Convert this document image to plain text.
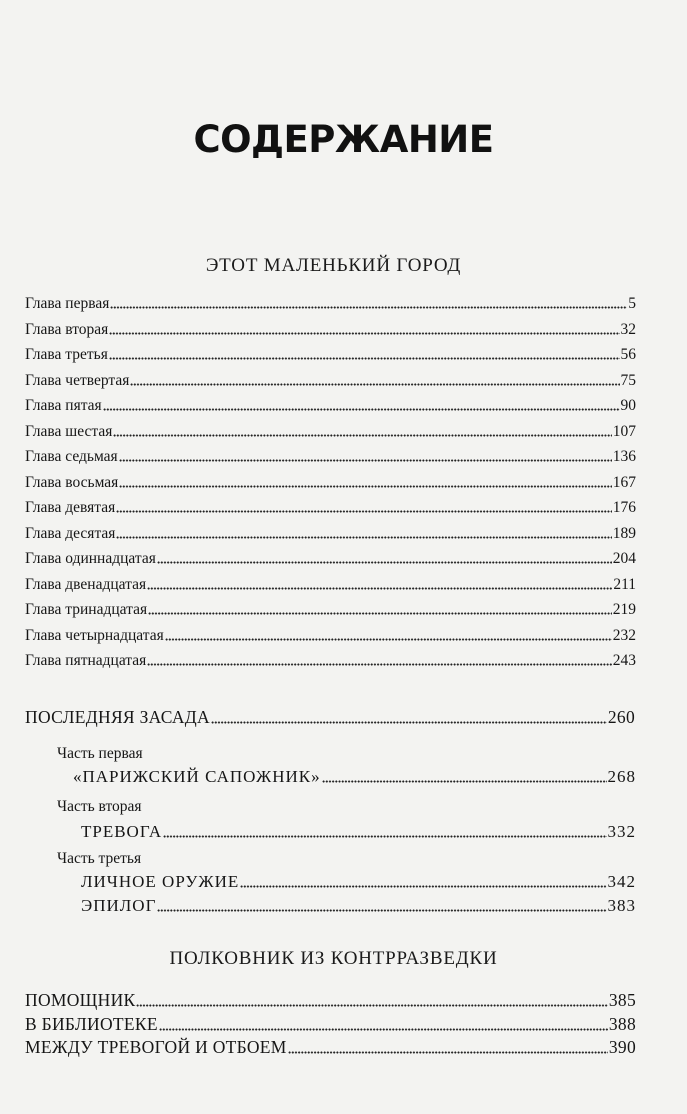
СОДЕРЖАНИЕ
ЭТОТ МАЛЕНЬКИЙ ГОРОД
Глава первая	5
Глава вторая	32
Глава третья	56
Глава четвертая	75
Глава пятая	90
Глава шестая	107
Глава седьмая	136
Глава восьмая	167
Глава девятая	176
Глава десятая	189
Глава одиннадцатая	204
Глава двенадцатая	211
Глава тринадцатая	219
Глава четырнадцатая	232
Глава пятнадцатая	243
ПОСЛЕДНЯЯ ЗАСАДА	260
Часть первая
«ПАРИЖСКИЙ САПОЖНИК»	268
Часть вторая
ТРЕВОГА	332
Часть третья
ЛИЧНОЕ ОРУЖИЕ	342
ЭПИЛОГ	383
ПОЛКОВНИК ИЗ КОНТРРАЗВЕДКИ
ПОМОЩНИК	385
В БИБЛИОТЕКЕ	388
МЕЖДУ ТРЕВОГОЙ И ОТБОЕМ	390
